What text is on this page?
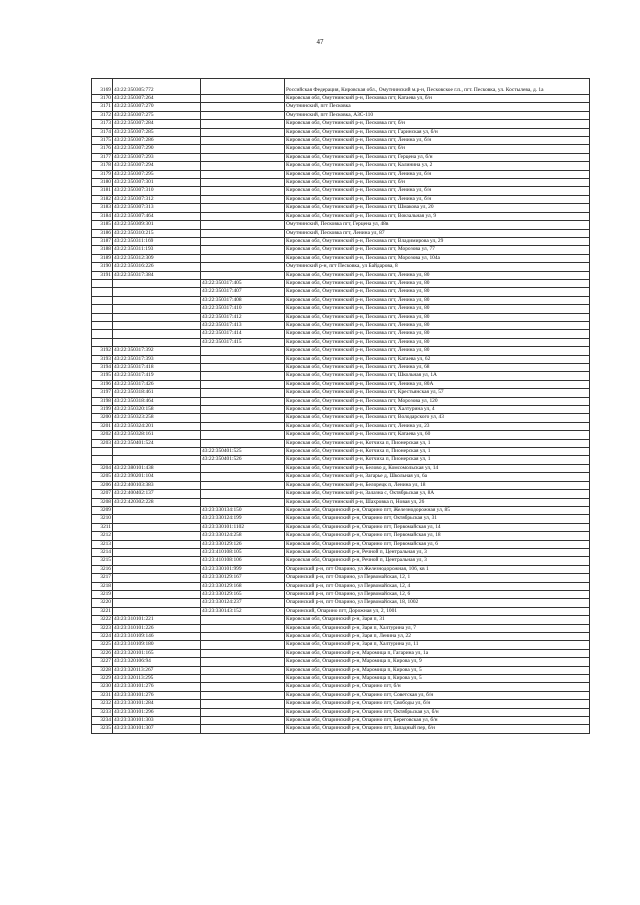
47
3169	43:22:350305:772		Российская Федерация, Кировская обл., Омутнинский м.р-н, Песковское г.п., пгт. Песковка, ул. Костылева, д. 1а
3170	43:22:350307:264		Кировская обл, Омутнинский р-н, Песковка пгт, Катаева ул, б/н
3171	43:22:350307:270		Омутнинский, пгт Песковка
3172	43:22:350307:275		Омутнинский, пгт Песковка, АЗС-110
3173	43:22:350307:284		Кировская обл, Омутнинский р-н, Песковка пгт, б/н
3174	43:22:350307:285		Кировская обл, Омутнинский р-н, Песковка пгт, Гаринская ул, б/н
3175	43:22:350307:286		Кировская обл, Омутнинский р-н, Песковка пгт, Ленина ул, б/н
3176	43:22:350307:290		Кировская обл, Омутнинский р-н, Песковка пгт, б/н
3177	43:22:350307:293		Кировская обл, Омутнинский р-н, Песковка пгт, Герцена ул, б/н
3178	43:22:350307:294		Кировская обл, Омутнинский р-н, Песковка пгт, Калинина ул, 2
3179	43:22:350307:295		Кировская обл, Омутнинский р-н, Песковка пгт, Ленина ул, б/н
3180	43:22:350307:301		Кировская обл, Омутнинский р-н, Песковка пгт, б/н
3181	43:22:350307:310		Кировская обл, Омутнинский р-н, Песковка пгт, Ленина ул, б/н
3182	43:22:350307:312		Кировская обл, Омутнинский р-н, Песковка пгт, Ленина ул, б/н
3183	43:22:350307:313		Кировская обл, Омутнинский р-н, Песковка пгт, Шмакова ул, 20
3184	43:22:350307:464		Кировская обл, Омутнинский р-н, Песковка пгт, Вокзальная ул, 9
3185	43:22:350309:301		Омутнинский, Песковка пгт, Герцена ул, 48в
3186	43:22:350310:215		Омутнинский, Песковка пгт, Ленина ул, 87
3187	43:22:350311:169		Кировская обл, Омутнинский р-н, Песковка пгт, Владимирова ул, 29
3188	43:22:350311:193		Кировская обл, Омутнинский р-н, Песковка пгт, Морозова ул, 77
3189	43:22:350312:309		Кировская обл, Омутнинский р-н, Песковка пгт, Морозова ул, 104а
3190	43:22:350316:226		Омутнинский р-н, пгт Песковка, ул Байдарова, 8
3191	43:22:350317:384		Кировская обл, Омутнинский р-н, Песковка пгт, Ленина ул, 80
		43:22:350317:405	Кировская обл, Омутнинский р-н, Песковка пгт, Ленина ул, 80
		43:22:350317:407	Кировская обл, Омутнинский р-н, Песковка пгт, Ленина ул, 80
		43:22:350317:408	Кировская обл, Омутнинский р-н, Песковка пгт, Ленина ул, 80
		43:22:350317:410	Кировская обл, Омутнинский р-н, Песковка пгт, Ленина ул, 80
		43:22:350317:412	Кировская обл, Омутнинский р-н, Песковка пгт, Ленина ул, 80
		43:22:350317:413	Кировская обл, Омутнинский р-н, Песковка пгт, Ленина ул, 80
		43:22:350317:414	Кировская обл, Омутнинский р-н, Песковка пгт, Ленина ул, 80
		43:22:350317:415	Кировская обл, Омутнинский р-н, Песковка пгт, Ленина ул, 80
3192	43:22:350317:392		Кировская обл, Омутнинский р-н, Песковка пгт, Ленина ул, 80
3193	43:22:350317:393		Кировская обл, Омутнинский р-н, Песковка пгт, Катаева ул, 62
3194	43:22:350317:418		Кировская обл, Омутнинский р-н, Песковка пгт, Ленина ул, 68
3195	43:22:350317:419		Кировская обл, Омутнинский р-н, Песковка пгт, Школьная ул, 1А
3196	43:22:350317:426		Кировская обл, Омутнинский р-н, Песковка пгт, Ленина ул, 80А
3197	43:22:350318:461		Кировская обл, Омутнинский р-н, Песковка пгт, Крестьянская ул, 57
3198	43:22:350318:464		Кировская обл, Омутнинский р-н, Песковка пгт, Морозова ул, 120
3199	43:22:350320:158		Кировская обл, Омутнинский р-н, Песковка пгт, Халтурина ул, 4
3200	43:22:350323:258		Кировская обл, Омутнинский р-н, Песковка пгт, Володарского ул, 43
3201	43:22:350324:201		Кировская обл, Омутнинский р-н, Песковка пгт, Ленина ул, 23
3202	43:22:350328:161		Кировская обл, Омутнинский р-н, Песковка пгт, Катаева ул, 60
3203	43:22:350401:524		Кировская обл, Омутнинский р-н, Котчиха п, Пионерская ул, 1
		43:22:350401:525	Кировская обл, Омутнинский р-н, Котчиха п, Пионерская ул, 1
		43:22:350401:526	Кировская обл, Омутнинский р-н, Котчиха п, Пионерская ул, 1
3204	43:22:380101:438		Кировская обл, Омутнинский р-н, Белово д, Комсомольская ул, 14
3205	43:22:390201:104		Кировская обл, Омутнинский р-н, Загарье д, Школьная ул, 6а
3206	43:22:400103:383		Кировская обл, Омутнинский р-н, Белорецк п, Ленина ул, 18
3207	43:22:400402:137		Кировская обл, Омутнинский р-н, Залазна с, Октябрьская ул, 8А
3208	43:22:420302:228		Кировская обл, Омутнинский р-н, Шахровка п, Новая ул, 26
3209		43:23:330134:150	Кировская обл, Опаринский р-н, Опарино пгт, Железнодорожная ул, 85
3210		43:23:330124:199	Кировская обл, Опаринский р-н, Опарино пгт, Октябрьская ул, 31
3211		43:23:330101:1102	Кировская обл, Опаринский р-н, Опарино пгт, Первомайская ул, 14
3212		43:23:330124:258	Кировская обл, Опаринский р-н, Опарино пгт, Первомайская ул, 18
3213		43:23:330129:126	Кировская обл, Опаринский р-н, Опарино пгт, Первомайская ул, 6
3214		43:23:410108:105	Кировская обл, Опаринский р-н, Речной п, Центральная ул, 3
3215		43:23:410108:106	Кировская обл, Опаринский р-н, Речной п, Центральная ул, 3
3216		43:23:330101:999	Опаринский р-н, пгт Опарино, ул Железнодорожная, 106, кв 1
3217		43:23:330129:167	Опаринский р-н, пгт Опарино, ул Первомайская, 12, 1
3218		43:23:330129:168	Опаринский р-н, пгт Опарино, ул Первомайская, 12, 4
3219		43:23:330129:165	Опаринский р-н, пгт Опарино, ул Первомайская, 12, 6
3220		43:23:330124:237	Опаринский р-н, пгт Опарино, ул Первомайская, 18, 1002
3221		43:23:330143:152	Опаринский, Опарино пгт, Дорожная ул, 2, 1001
3222	43:23:310101:221		Кировская обл, Опаринский р-н, Заря п, 31
3223	43:23:310101:226		Кировская обл, Опаринский р-н, Заря п, Халтурина ул, 7
3224	43:23:310109:146		Кировская обл, Опаринский р-н, Заря п, Ленина ул, 22
3225	43:23:310109:180		Кировская обл, Опаринский р-н, Заря п, Халтурина ул, 11
3226	43:23:320101:165		Кировская обл, Опаринский р-н, Маромица п, Гагарина ул, 1а
3227	43:23:320106:94		Кировская обл, Опаринский р-н, Маромица п, Кирова ул, 9
3228	43:23:320113:267		Кировская обл, Опаринский р-н, Маромица п, Кирова ул, 5
3229	43:23:320113:295		Кировская обл, Опаринский р-н, Маромица п, Кирова ул, 5
3230	43:23:330101:276		Кировская обл, Опаринский р-н, Опарино пгт, б/н
3231	43:23:330101:276		Кировская обл, Опаринский р-н, Опарино пгт, Советская ул, б/н
3232	43:23:330101:284		Кировская обл, Опаринский р-н, Опарино пгт, Свободы ул, б/н
3233	43:23:330101:296		Кировская обл, Опаринский р-н, Опарино пгт, Октябрьская ул, б/н
3234	43:23:330101:303		Кировская обл, Опаринский р-н, Опарино пгт, Береговская ул, б/н
3235	43:23:330101:307		Кировская обл, Опаринский р-н, Опарино пгт, Западный пер, б/н
